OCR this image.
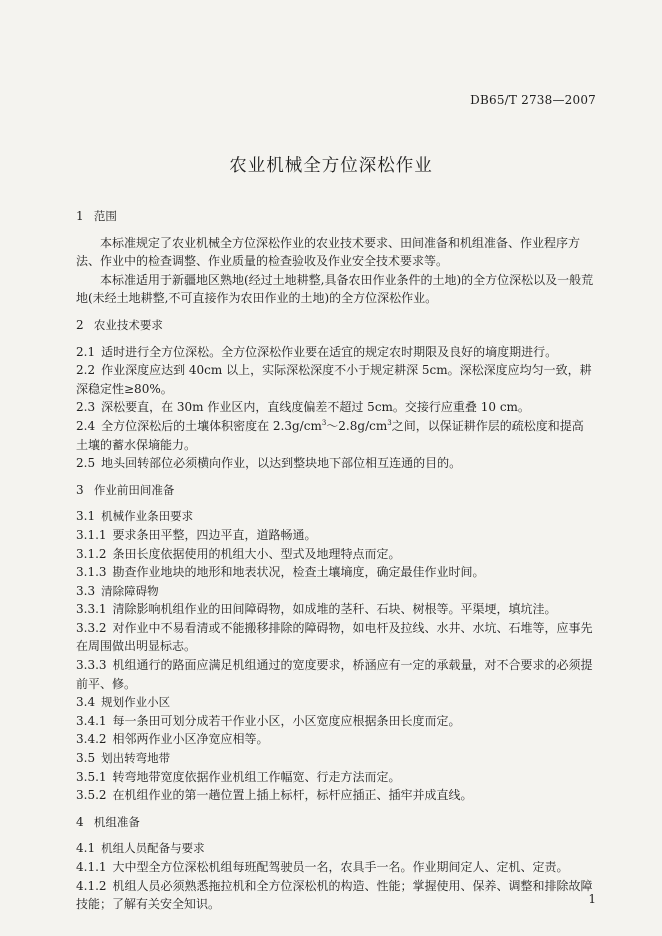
DB65/T 2738—2007
农业机械全方位深松作业
1 范围

本标准规定了农业机械全方位深松作业的农业技术要求、田间准备和机组准备、作业程序方法、作业中的检查调整、作业质量的检查验收及作业安全技术要求等。

本标准适用于新疆地区熟地(经过土地耕整,具备农田作业条件的土地)的全方位深松以及一般荒地(未经土地耕整,不可直接作为农田作业的土地)的全方位深松作业。

2 农业技术要求

2.1 适时进行全方位深松。全方位深松作业要在适宜的规定农时期限及良好的墒度期进行。

2.2 作业深度应达到 40cm 以上，实际深松深度不小于规定耕深 5cm。深松深度应均匀一致，耕深稳定性≥80%。

2.3 深松要直，在 30m 作业区内，直线度偏差不超过 5cm。交接行应重叠 10 cm。

2.4 全方位深松后的土壤体积密度在 $2.3g/cm^3\sim 2.8g/cm^3$之间，以保证耕作层的疏松度和提高土壤的蓄水保墒能力。

2.5 地头回转部位必须横向作业，以达到整块地下部位相互连通的目的。

3 作业前田间准备

3.1 机械作业条田要求

3.1.1 要求条田平整，四边平直，道路畅通。

3.1.2 条田长度依据使用的机组大小、型式及地理特点而定。

3.1.3 勘查作业地块的地形和地表状况，检查土壤墒度，确定最佳作业时间。

3.3 清除障碍物

3.3.1 清除影响机组作业的田间障碍物，如成堆的茎秆、石块、树根等。平渠埂，填坑洼。

3.3.2 对作业中不易看清或不能搬移排除的障碍物，如电杆及拉线、水井、水坑、石堆等，应事先在周围做出明显标志。

3.3.3 机组通行的路面应满足机组通过的宽度要求，桥涵应有一定的承载量，对不合要求的必须提前平、修。

3.4 规划作业小区

3.4.1 每一条田可划分成若干作业小区，小区宽度应根据条田长度而定。

3.4.2 相邻两作业小区净宽应相等。

3.5 划出转弯地带

3.5.1 转弯地带宽度依据作业机组工作幅宽、行走方法而定。

3.5.2 在机组作业的第一趟位置上插上标杆，标杆应插正、插牢并成直线。

4 机组准备

4.1 机组人员配备与要求

4.1.1 大中型全方位深松机组每班配驾驶员一名，农具手一名。作业期间定人、定机、定责。

4.1.2 机组人员必须熟悉拖拉机和全方位深松机的构造、性能；掌握使用、保养、调整和排除故障技能；了解有关安全知识。	1
